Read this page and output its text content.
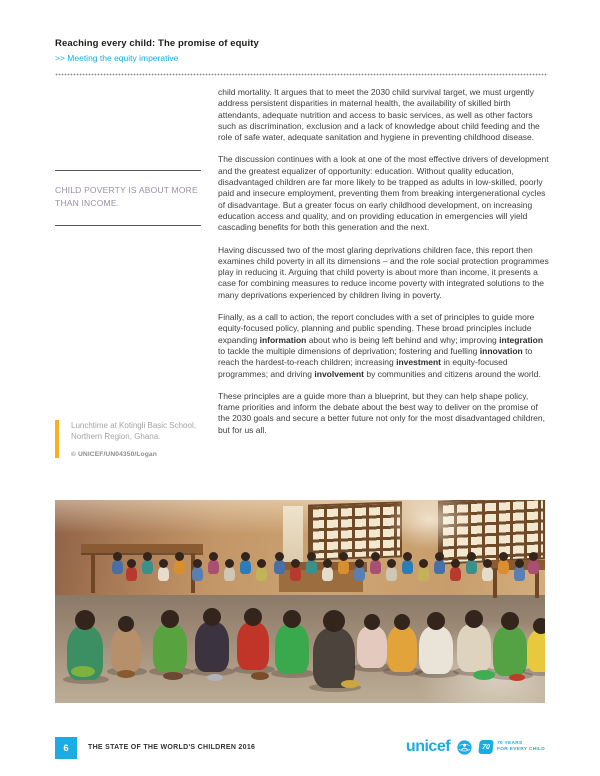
Reaching every child: The promise of equity
>> Meeting the equity imperative
CHILD POVERTY IS ABOUT MORE THAN INCOME.

child mortality. It argues that to meet the 2030 child survival target, we must urgently address persistent disparities in maternal health, the availability of skilled birth attendants, adequate nutrition and access to basic services, as well as other factors such as discrimination, exclusion and a lack of knowledge about child feeding and the role of safe water, adequate sanitation and hygiene in preventing childhood disease.

The discussion continues with a look at one of the most effective drivers of development and the greatest equalizer of opportunity: education. Without quality education, disadvantaged children are far more likely to be trapped as adults in low-skilled, poorly paid and insecure employment, preventing them from breaking intergenerational cycles of disadvantage. But a greater focus on early childhood development, on increasing education access and quality, and on providing education in emergencies will yield cascading benefits for both this generation and the next.

Having discussed two of the most glaring deprivations children face, this report then examines child poverty in all its dimensions – and the role social protection programmes play in reducing it. Arguing that child poverty is about more than income, it presents a case for combining measures to reduce income poverty with integrated solutions to the many deprivations experienced by children living in poverty.

Finally, as a call to action, the report concludes with a set of principles to guide more equity-focused policy, planning and public spending. These broad principles include expanding information about who is being left behind and why; improving integration to tackle the multiple dimensions of deprivation; fostering and fuelling innovation to reach the hardest-to-reach children; increasing investment in equity-focused programmes; and driving involvement by communities and citizens around the world.

These principles are a guide more than a blueprint, but they can help shape policy, frame priorities and inform the debate about the best way to deliver on the promise of the 2030 goals and secure a better future not only for the most disadvantaged children, but for us all.

Lunchtime at Kotingli Basic School, Northern Region, Ghana.
© UNICEF/UN04350/Logan
6	THE STATE OF THE WORLD'S CHILDREN 2016	unicef	70	70 YEARS
FOR EVERY CHILD
